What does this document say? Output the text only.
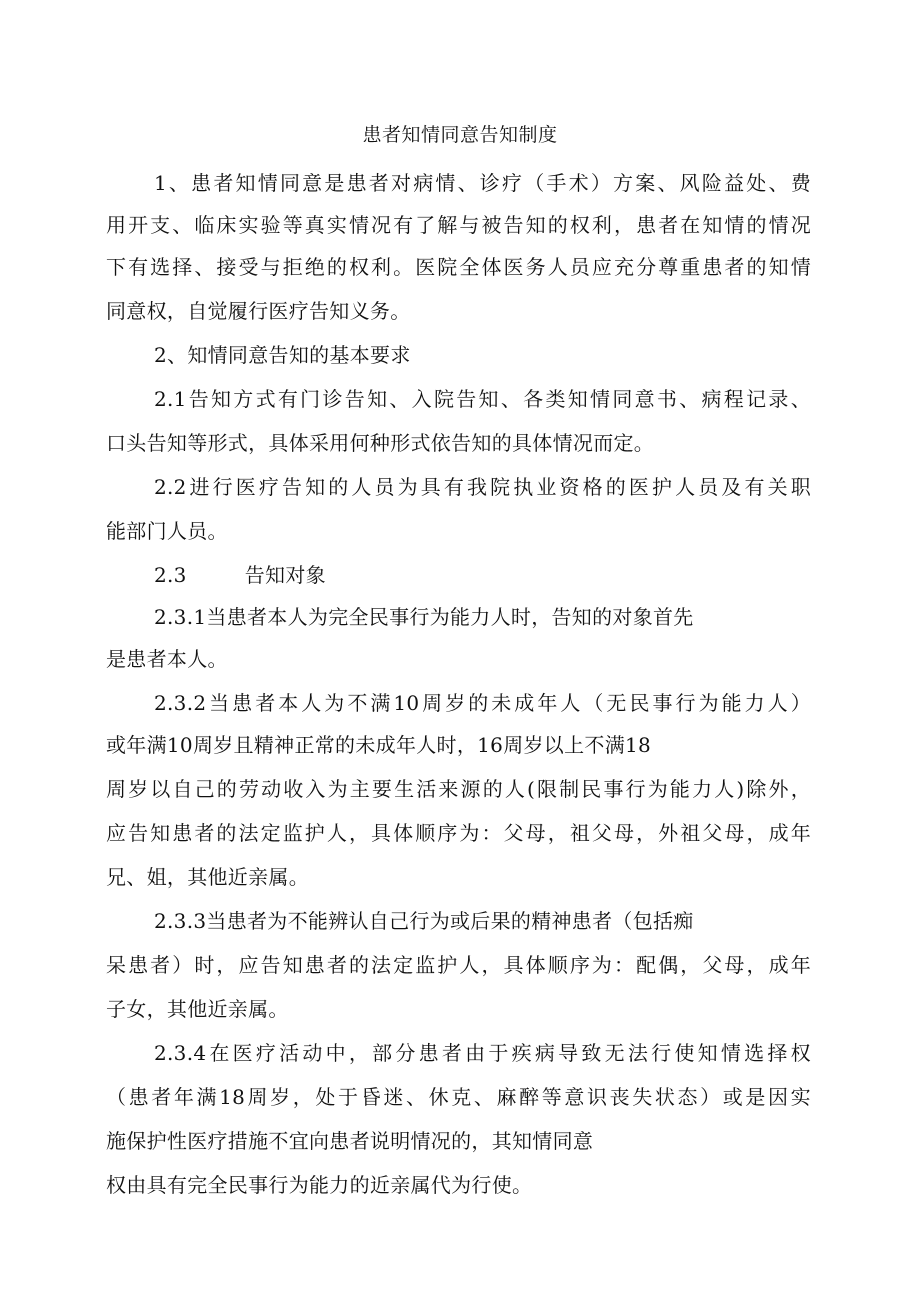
患者知情同意告知制度
1、患者知情同意是患者对病情、诊疗（手术）方案、风险益处、费
用开支、临床实验等真实情况有了解与被告知的权利，患者在知情的情况
下有选择、接受与拒绝的权利。医院全体医务人员应充分尊重患者的知情
同意权，自觉履行医疗告知义务。
2、知情同意告知的基本要求
2.1告知方式有门诊告知、入院告知、各类知情同意书、病程记录、
口头告知等形式，具体采用何种形式依告知的具体情况而定。
2.2进行医疗告知的人员为具有我院执业资格的医护人员及有关职
能部门人员。
2.3	告知对象
2.3.1当患者本人为完全民事行为能力人时，告知的对象首先
是患者本人。
2.3.2当患者本人为不满10周岁的未成年人（无民事行为能力人）
或年满10周岁且精神正常的未成年人时，16周岁以上不满18
周岁以自己的劳动收入为主要生活来源的人(限制民事行为能力人)除外，
应告知患者的法定监护人，具体顺序为：父母，祖父母，外祖父母，成年
兄、姐，其他近亲属。
2.3.3当患者为不能辨认自己行为或后果的精神患者（包括痴
呆患者）时，应告知患者的法定监护人，具体顺序为：配偶，父母，成年
子女，其他近亲属。
2.3.4在医疗活动中，部分患者由于疾病导致无法行使知情选择权
（患者年满18周岁，处于昏迷、休克、麻醉等意识丧失状态）或是因实
施保护性医疗措施不宜向患者说明情况的，其知情同意
权由具有完全民事行为能力的近亲属代为行使。
